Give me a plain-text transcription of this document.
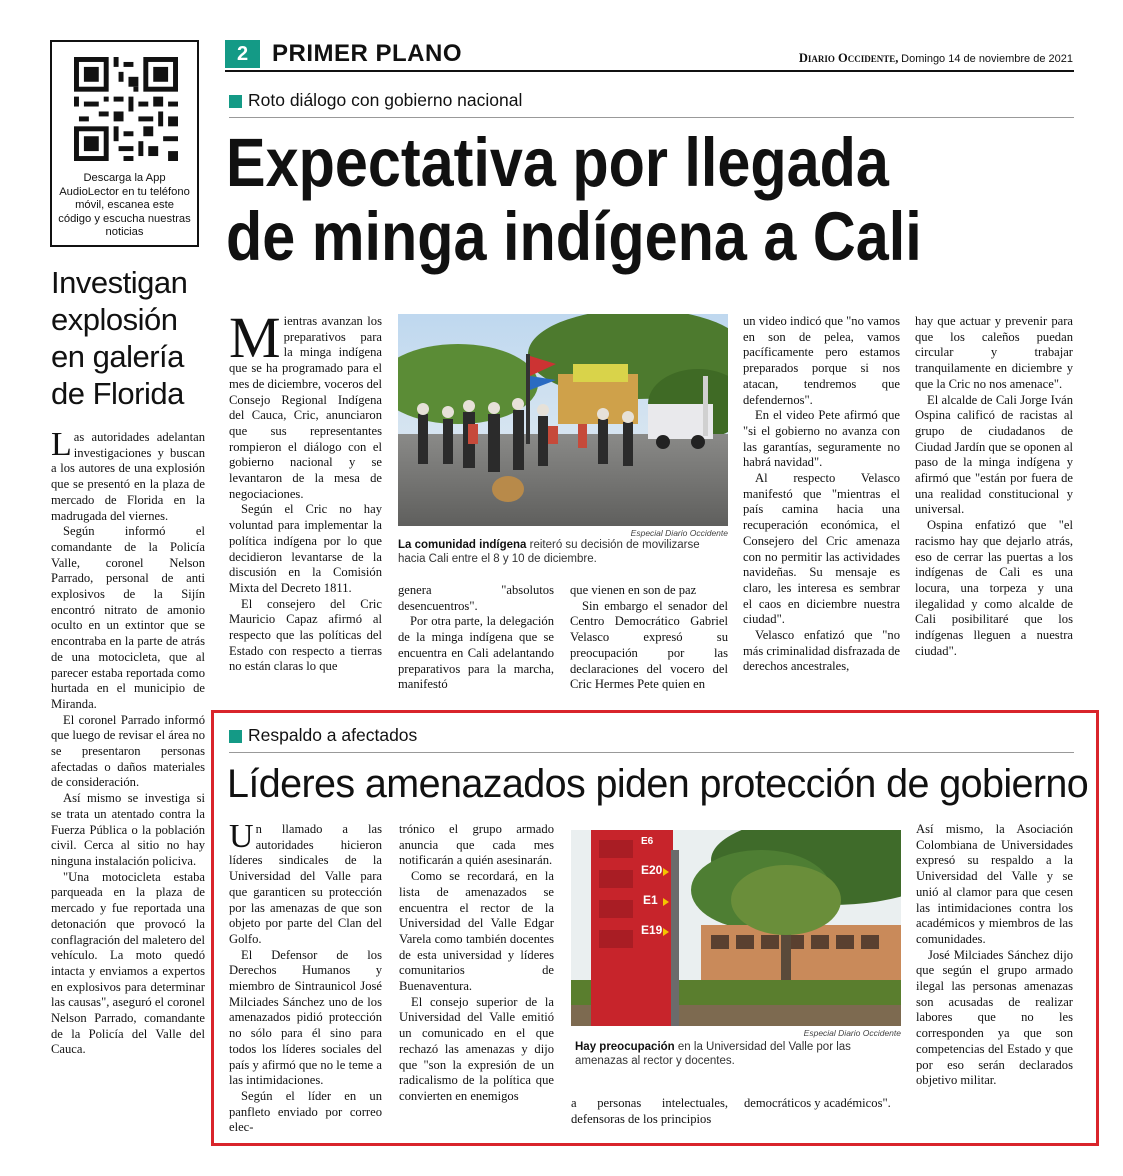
Descarga la App AudioLector en tu teléfono móvil, escanea este código y escucha nuestras noticias
2 PRIMER PLANO	Diario Occidente, Domingo 14 de noviembre de 2021
Roto diálogo con gobierno nacional
Expectativa por llegada
de minga indígena a Cali
Investigan explosión en galería de Florida

Las autoridades adelantan investigaciones y buscan a los autores de una explosión que se presentó en la plaza de mercado de Florida en la madrugada del viernes.

Según informó el comandante de la Policía Valle, coronel Nelson Parrado, personal de anti explosivos de la Sijín encontró nitrato de amonio oculto en un extintor que se encontraba en la parte de atrás de una motocicleta, que al parecer estaba reportada como hurtada en el municipio de Miranda.

El coronel Parrado informó que luego de revisar el área no se presentaron personas afectadas o daños materiales de consideración.

Así mismo se investiga si se trata un atentado contra la Fuerza Pública o la población civil. Cerca al sitio no hay ninguna instalación policiva.

"Una motocicleta estaba parqueada en la plaza de mercado y fue reportada una detonación que provocó la conflagración del maletero del vehículo. La moto quedó intacta y enviamos a expertos en explosivos para determinar las causas", aseguró el coronel Nelson Parrado, comandante de la Policía del Valle del Cauca.

Mientras avanzan los preparativos para la minga indígena que se ha programado para el mes de diciembre, voceros del Consejo Regional Indígena del Cauca, Cric, anunciaron que sus representantes rompieron el diálogo con el gobierno nacional y se levantaron de la mesa de negociaciones.

Según el Cric no hay voluntad para implementar la política indígena por lo que decidieron levantarse de la discusión en la Comisión Mixta del Decreto 1811.

El consejero del Cric Mauricio Capaz afirmó al respecto que las políticas del Estado con respecto a tierras no están claras lo que

Especial Diario Occidente
La comunidad indígena reiteró su decisión de movilizarse hacia Cali entre el 8 y 10 de diciembre.

genera "absolutos desencuentros".

Por otra parte, la delegación de la minga indígena que se encuentra en Cali adelantando preparativos para la marcha, manifestó

que vienen en son de paz

Sin embargo el senador del Centro Democrático Gabriel Velasco expresó su preocupación por las declaraciones del vocero del Cric Hermes Pete quien en

un video indicó que "no vamos en son de pelea, vamos pacíficamente pero estamos preparados porque si nos atacan, tendremos que defendernos".

En el video Pete afirmó que "si el gobierno no avanza con las garantías, seguramente no habrá navidad".

Al respecto Velasco manifestó que "mientras el país camina hacia una recuperación económica, el Consejero del Cric amenaza con no permitir las actividades navideñas. Su mensaje es claro, les interesa es sembrar el caos en diciembre nuestra ciudad".

Velasco enfatizó que "no más criminalidad disfrazada de derechos ancestrales,

hay que actuar y prevenir para que los caleños puedan circular y trabajar tranquilamente en diciembre y que la Cric no nos amenace".

El alcalde de Cali Jorge Iván Ospina calificó de racistas al grupo de ciudadanos de Ciudad Jardín que se oponen al paso de la minga indígena y afirmó que "están por fuera de una realidad constitucional y universal.

Ospina enfatizó que "el racismo hay que dejarlo atrás, eso de cerrar las puertas a los indígenas de Cali es una locura, una torpeza y una ilegalidad y como alcalde de Cali posibilitaré que los indígenas lleguen a nuestra ciudad".

Respaldo a afectados
Líderes amenazados piden protección de gobierno

Un llamado a las autoridades hicieron líderes sindicales de la Universidad del Valle para que garanticen su protección por las amenazas de que son objeto por parte del Clan del Golfo.

El Defensor de los Derechos Humanos y miembro de Sintraunicol José Milciades Sánchez uno de los amenazados pidió protección no sólo para él sino para todos los líderes sociales del país y afirmó que no le teme a las intimidaciones.

Según el líder en un panfleto enviado por correo elec-

trónico el grupo armado anuncia que cada mes notificarán a quién asesinarán.

Como se recordará, en la lista de amenazados se encuentra el rector de la Universidad del Valle Edgar Varela como también docentes de esta universidad y líderes comunitarios de Buenaventura.

El consejo superior de la Universidad del Valle emitió un comunicado en el que rechazó las amenazas y dijo que "son la expresión de un radicalismo de la política que convierten en enemigos

E6
E20
E1
E19
Especial Diario Occidente
Hay preocupación en la Universidad del Valle por las amenazas al rector y docentes.

a personas intelectuales, defensoras de los principios

democráticos y académicos".

Así mismo, la Asociación Colombiana de Universidades expresó su respaldo a la Universidad del Valle y se unió al clamor para que cesen las intimidaciones contra los académicos y miembros de las comunidades.

José Milciades Sánchez dijo que según el grupo armado ilegal las personas amenazas son acusadas de realizar labores que no les corresponden ya que son competencias del Estado y que por eso serán declarados objetivo militar.
